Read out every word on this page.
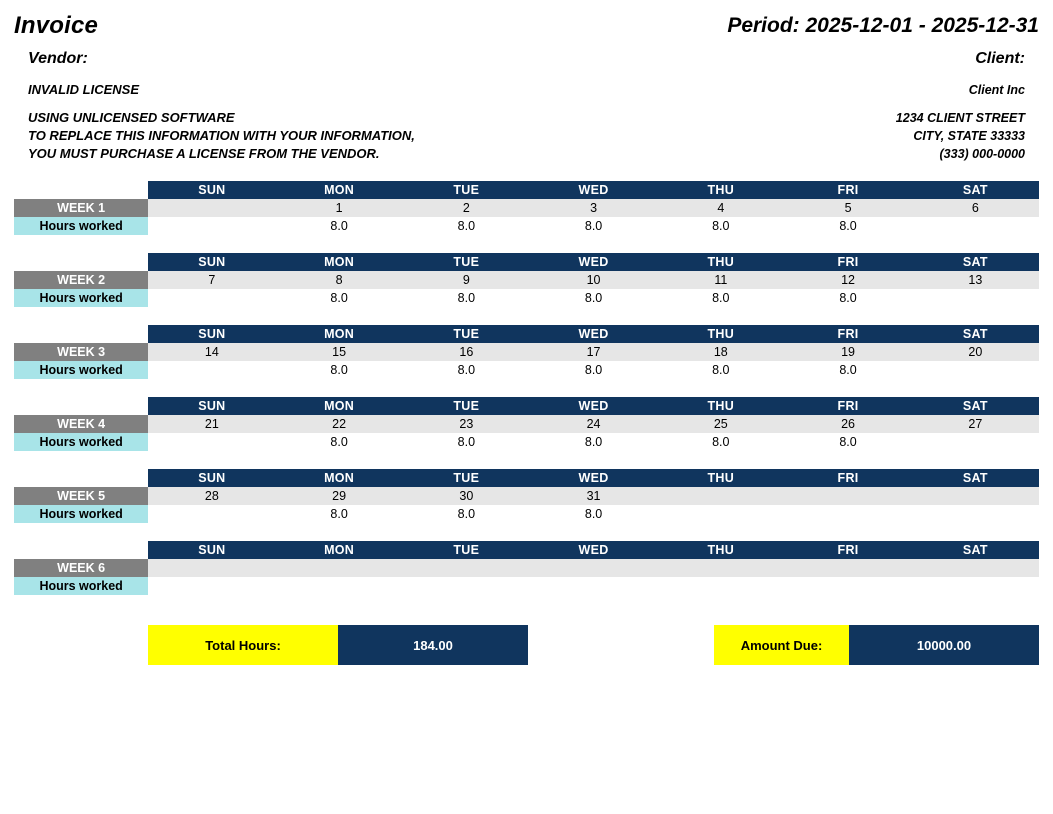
Invoice	Period: 2025-12-01 - 2025-12-31
Vendor:
INVALID LICENSE
USING UNLICENSED SOFTWARE
TO REPLACE THIS INFORMATION WITH YOUR INFORMATION,
YOU MUST PURCHASE A LICENSE FROM THE VENDOR.
Client:
Client Inc
1234 CLIENT STREET
CITY, STATE 33333
(333) 000-0000
	SUN	MON	TUE	WED	THU	FRI	SAT
WEEK 1		1	2	3	4	5	6
Hours worked		8.0	8.0	8.0	8.0	8.0	

	SUN	MON	TUE	WED	THU	FRI	SAT
WEEK 2	7	8	9	10	11	12	13
Hours worked		8.0	8.0	8.0	8.0	8.0	

	SUN	MON	TUE	WED	THU	FRI	SAT
WEEK 3	14	15	16	17	18	19	20
Hours worked		8.0	8.0	8.0	8.0	8.0	

	SUN	MON	TUE	WED	THU	FRI	SAT
WEEK 4	21	22	23	24	25	26	27
Hours worked		8.0	8.0	8.0	8.0	8.0	

	SUN	MON	TUE	WED	THU	FRI	SAT
WEEK 5	28	29	30	31			
Hours worked		8.0	8.0	8.0			

	SUN	MON	TUE	WED	THU	FRI	SAT
WEEK 6							
Hours worked							
Total Hours:	184.00	Amount Due:	10000.00
